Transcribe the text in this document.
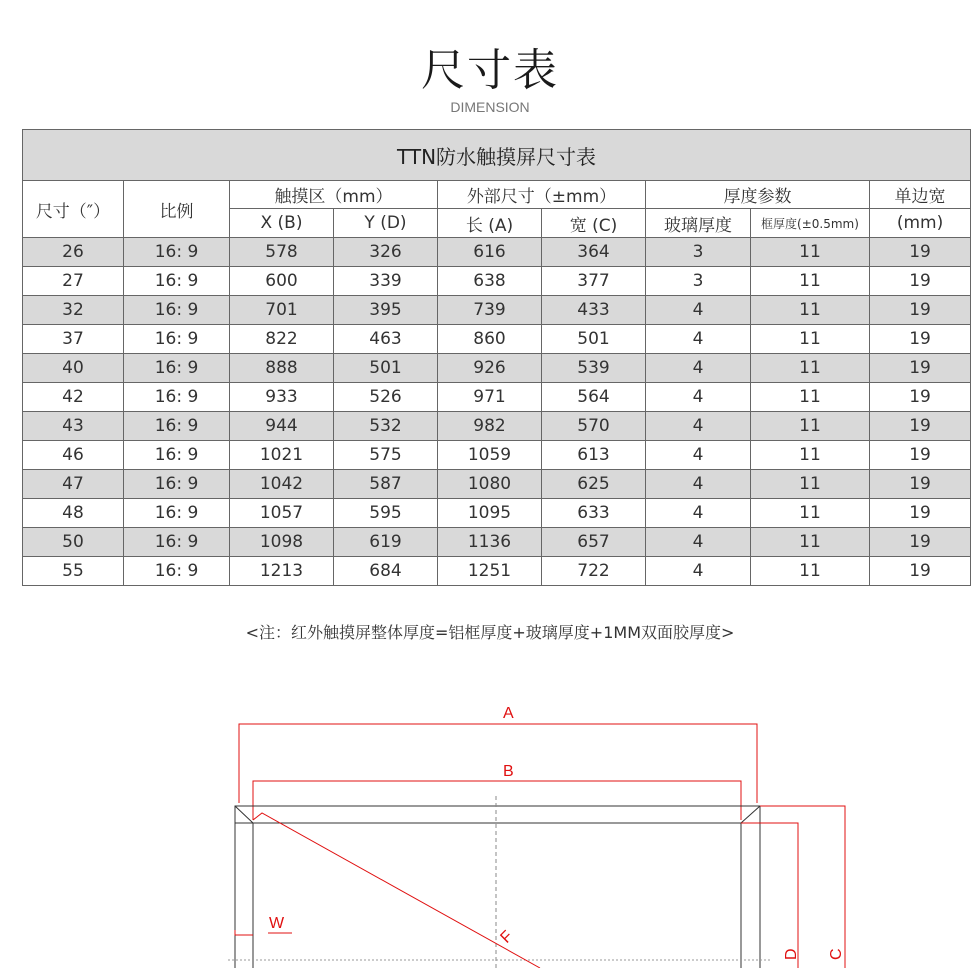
尺寸表
DIMENSION
TTN防水触摸屏尺寸表								
尺寸（″）	比例	触摸区（mm）		外部尺寸（±mm）		厚度参数		单边宽
		X (B)	Y (D)	长 (A)	宽 (C)	玻璃厚度	框厚度(±0.5mm)	(mm)
26	16: 9	578	326	616	364	3	11	19
27	16: 9	600	339	638	377	3	11	19
32	16: 9	701	395	739	433	4	11	19
37	16: 9	822	463	860	501	4	11	19
40	16: 9	888	501	926	539	4	11	19
42	16: 9	933	526	971	564	4	11	19
43	16: 9	944	532	982	570	4	11	19
46	16: 9	1021	575	1059	613	4	11	19
47	16: 9	1042	587	1080	625	4	11	19
48	16: 9	1057	595	1095	633	4	11	19
50	16: 9	1098	619	1136	657	4	11	19
55	16: 9	1213	684	1251	722	4	11	19
<注：红外触摸屏整体厚度=铝框厚度+玻璃厚度+1MM双面胶厚度>
A
B
W
F
D C
